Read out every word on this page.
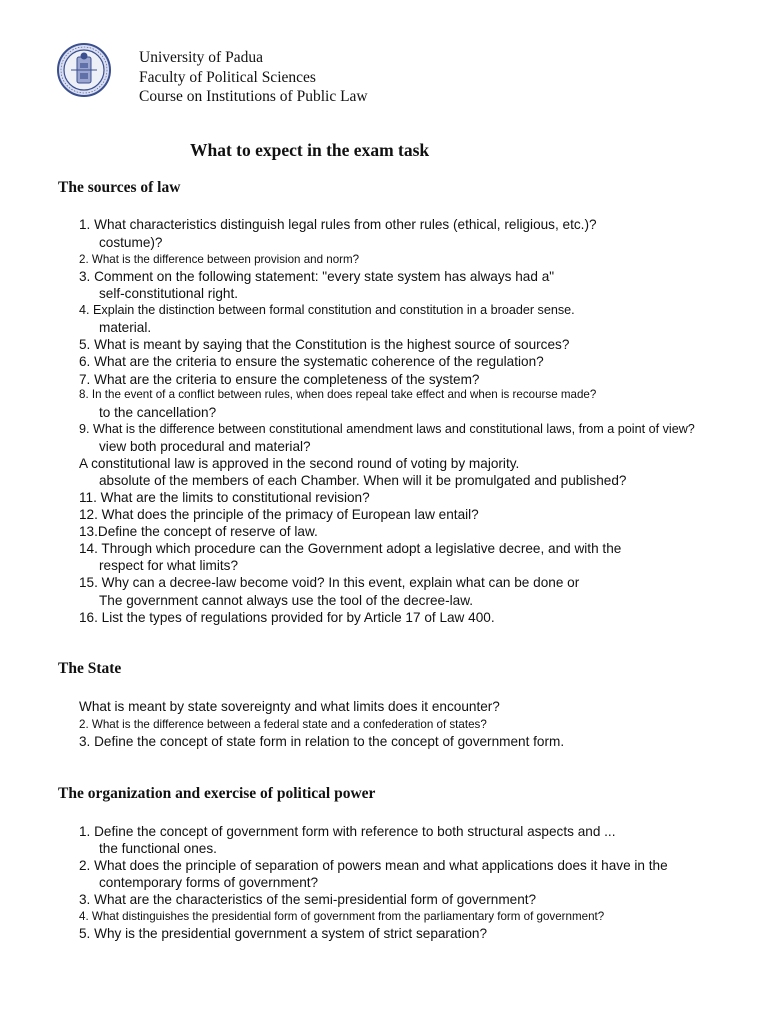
University of Padua
Faculty of Political Sciences
Course on Institutions of Public Law
What to expect in the exam task
The sources of law
1. What characteristics distinguish legal rules from other rules (ethical, religious, etc.)?
costume)?
2. What is the difference between provision and norm?
3. Comment on the following statement: "every state system has always had a"
self-constitutional right.
4. Explain the distinction between formal constitution and constitution in a broader sense.
material.
5. What is meant by saying that the Constitution is the highest source of sources?
6. What are the criteria to ensure the systematic coherence of the regulation?
7. What are the criteria to ensure the completeness of the system?
8. In the event of a conflict between rules, when does repeal take effect and when is recourse made?
to the cancellation?
9. What is the difference between constitutional amendment laws and constitutional laws, from a point of view?
view both procedural and material?
A constitutional law is approved in the second round of voting by majority.
absolute of the members of each Chamber. When will it be promulgated and published?
11. What are the limits to constitutional revision?
12. What does the principle of the primacy of European law entail?
13.Define the concept of reserve of law.
14. Through which procedure can the Government adopt a legislative decree, and with the
respect for what limits?
15. Why can a decree-law become void? In this event, explain what can be done or
The government cannot always use the tool of the decree-law.
16. List the types of regulations provided for by Article 17 of Law 400.
The State
What is meant by state sovereignty and what limits does it encounter?
2. What is the difference between a federal state and a confederation of states?
3. Define the concept of state form in relation to the concept of government form.
The organization and exercise of political power
1. Define the concept of government form with reference to both structural aspects and ...
the functional ones.
2. What does the principle of separation of powers mean and what applications does it have in the
contemporary forms of government?
3. What are the characteristics of the semi-presidential form of government?
4. What distinguishes the presidential form of government from the parliamentary form of government?
5. Why is the presidential government a system of strict separation?
